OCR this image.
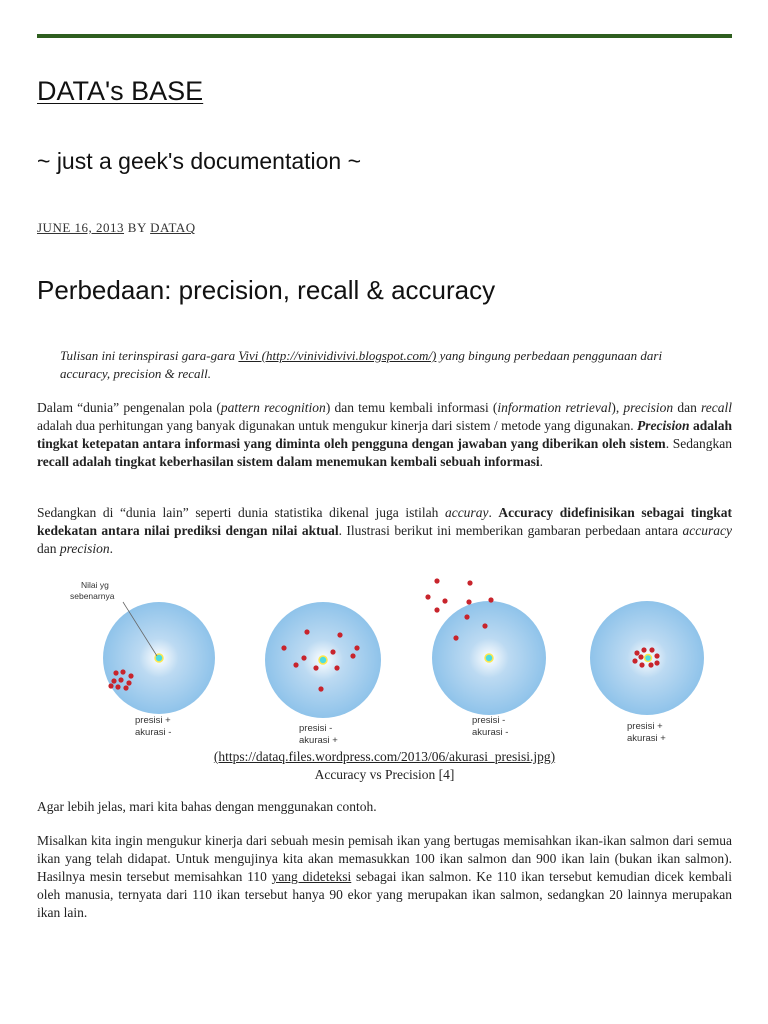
DATA's BASE
~ just a geek's documentation ~
JUNE 16, 2013 BY DATAQ
Perbedaan: precision, recall & accuracy
Tulisan ini terinspirasi gara-gara Vivi (http://vinividivivi.blogspot.com/) yang bingung perbedaan penggunaan dari accuracy, precision & recall.
Dalam “dunia” pengenalan pola (pattern recognition) dan temu kembali informasi (information retrieval), precision dan recall adalah dua perhitungan yang banyak digunakan untuk mengukur kinerja dari sistem / metode yang digunakan. Precision adalah tingkat ketepatan antara informasi yang diminta oleh pengguna dengan jawaban yang diberikan oleh sistem. Sedangkan recall adalah tingkat keberhasilan sistem dalam menemukan kembali sebuah informasi.
Sedangkan di “dunia lain” seperti dunia statistika dikenal juga istilah accuray. Accuracy didefinisikan sebagai tingkat kedekatan antara nilai prediksi dengan nilai aktual. Ilustrasi berikut ini memberikan gambaran perbedaan antara accuracy dan precision.
Nilai yg
sebenarnya
presisi +
akurasi -	presisi -
akurasi +
presisi -
akurasi -
presisi +
akurasi +
(https://dataq.files.wordpress.com/2013/06/akurasi_presisi.jpg)
Accuracy vs Precision [4]
Agar lebih jelas, mari kita bahas dengan menggunakan contoh.
Misalkan kita ingin mengukur kinerja dari sebuah mesin pemisah ikan yang bertugas memisahkan ikan-ikan salmon dari semua ikan yang telah didapat. Untuk mengujinya kita akan memasukkan 100 ikan salmon dan 900 ikan lain (bukan ikan salmon). Hasilnya mesin tersebut memisahkan 110 yang dideteksi sebagai ikan salmon. Ke 110 ikan tersebut kemudian dicek kembali oleh manusia, ternyata dari 110 ikan tersebut hanya 90 ekor yang merupakan ikan salmon, sedangkan 20 lainnya merupakan ikan lain.
